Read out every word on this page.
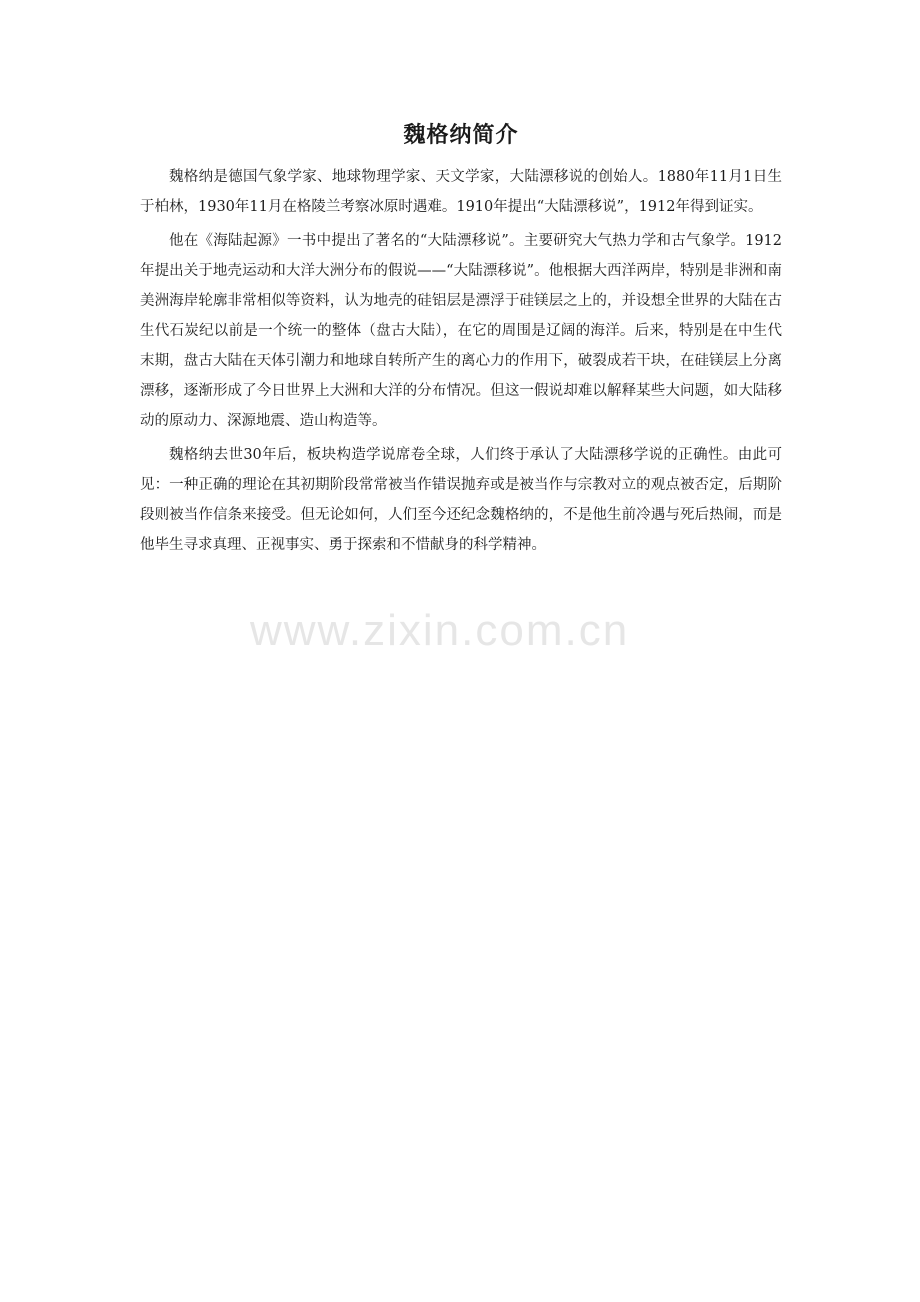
www.zixin.com.cn
魏格纳简介

魏格纳是德国气象学家、地球物理学家、天文学家，大陆漂移说的创始人。1880年11月1日生于柏林，1930年11月在格陵兰考察冰原时遇难。1910年提出“大陆漂移说”，1912年得到证实。

他在《海陆起源》一书中提出了著名的“大陆漂移说”。主要研究大气热力学和古气象学。1912年提出关于地壳运动和大洋大洲分布的假说——“大陆漂移说”。他根据大西洋两岸，特别是非洲和南美洲海岸轮廓非常相似等资料，认为地壳的硅铝层是漂浮于硅镁层之上的，并设想全世界的大陆在古生代石炭纪以前是一个统一的整体（盘古大陆），在它的周围是辽阔的海洋。后来，特别是在中生代末期，盘古大陆在天体引潮力和地球自转所产生的离心力的作用下，破裂成若干块，在硅镁层上分离漂移，逐渐形成了今日世界上大洲和大洋的分布情况。但这一假说却难以解释某些大问题，如大陆移动的原动力、深源地震、造山构造等。

魏格纳去世30年后，板块构造学说席卷全球，人们终于承认了大陆漂移学说的正确性。由此可见：一种正确的理论在其初期阶段常常被当作错误抛弃或是被当作与宗教对立的观点被否定，后期阶段则被当作信条来接受。但无论如何，人们至今还纪念魏格纳的，不是他生前冷遇与死后热闹，而是他毕生寻求真理、正视事实、勇于探索和不惜献身的科学精神。
